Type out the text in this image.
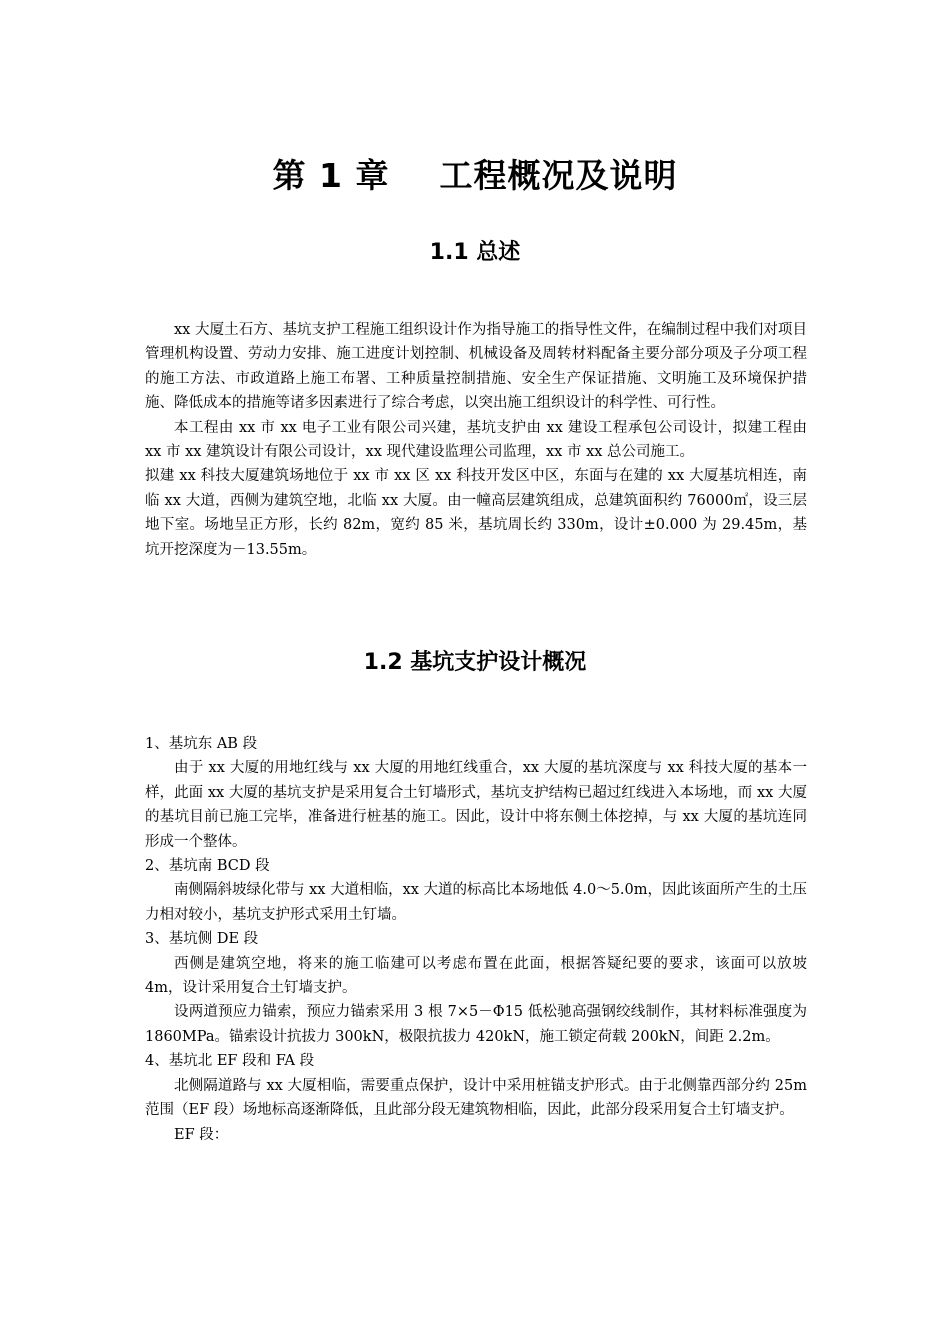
第 1 章    工程概况及说明
1.1 总述

xx 大厦土石方、基坑支护工程施工组织设计作为指导施工的指导性文件，在编制过程中我们对项目管理机构设置、劳动力安排、施工进度计划控制、机械设备及周转材料配备主要分部分项及子分项工程的施工方法、市政道路上施工布署、工种质量控制措施、安全生产保证措施、文明施工及环境保护措施、降低成本的措施等诸多因素进行了综合考虑，以突出施工组织设计的科学性、可行性。

本工程由 xx 市 xx 电子工业有限公司兴建，基坑支护由 xx 建设工程承包公司设计，拟建工程由 xx 市 xx 建筑设计有限公司设计，xx 现代建设监理公司监理，xx 市 xx 总公司施工。

拟建 xx 科技大厦建筑场地位于 xx 市 xx 区 xx 科技开发区中区，东面与在建的 xx 大厦基坑相连，南临 xx 大道，西侧为建筑空地，北临 xx 大厦。由一幢高层建筑组成，总建筑面积约 76000㎡，设三层地下室。场地呈正方形，长约 82m，宽约 85 米，基坑周长约 330m，设计±0.000 为 29.45m，基坑开挖深度为－13.55m。

1.2 基坑支护设计概况

1、基坑东 AB 段

由于 xx 大厦的用地红线与 xx 大厦的用地红线重合，xx 大厦的基坑深度与 xx 科技大厦的基本一样，此面 xx 大厦的基坑支护是采用复合土钉墙形式，基坑支护结构已超过红线进入本场地，而 xx 大厦的基坑目前已施工完毕，准备进行桩基的施工。因此，设计中将东侧土体挖掉，与 xx 大厦的基坑连同形成一个整体。

2、基坑南 BCD 段

南侧隔斜坡绿化带与 xx 大道相临，xx 大道的标高比本场地低 4.0～5.0m，因此该面所产生的土压力相对较小，基坑支护形式采用土钉墙。

3、基坑侧 DE 段

西侧是建筑空地，将来的施工临建可以考虑布置在此面，根据答疑纪要的要求，该面可以放坡 4m，设计采用复合土钉墙支护。

设两道预应力锚索，预应力锚索采用 3 根 7×5－Φ15 低松驰高强钢绞线制作，其材料标准强度为 1860MPa。锚索设计抗拔力 300kN，极限抗拔力 420kN，施工锁定荷载 200kN，间距 2.2m。

4、基坑北 EF 段和 FA 段

北侧隔道路与 xx 大厦相临，需要重点保护，设计中采用桩锚支护形式。由于北侧靠西部分约 25m 范围（EF 段）场地标高逐渐降低，且此部分段无建筑物相临，因此，此部分段采用复合土钉墙支护。

EF 段：
